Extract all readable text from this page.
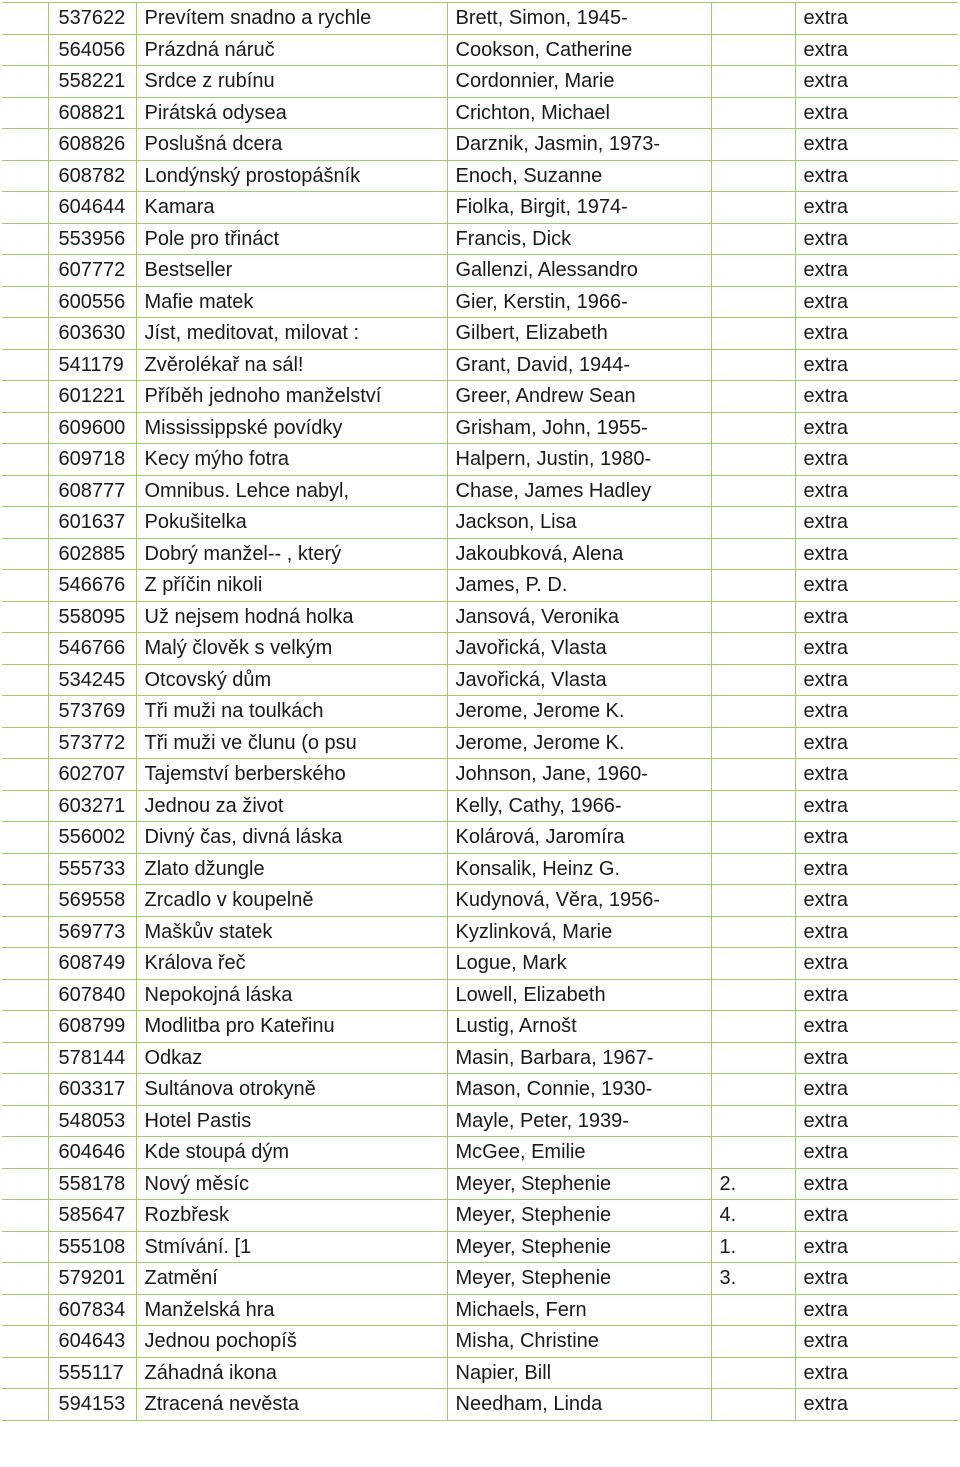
	537622	Prevítem snadno a rychle	Brett, Simon, 1945-		extra
	564056	Prázdná náruč	Cookson, Catherine		extra
	558221	Srdce z rubínu	Cordonnier, Marie		extra
	608821	Pirátská odysea	Crichton, Michael		extra
	608826	Poslušná dcera	Darznik, Jasmin, 1973-		extra
	608782	Londýnský prostopášník	Enoch, Suzanne		extra
	604644	Kamara	Fiolka, Birgit, 1974-		extra
	553956	Pole pro třináct	Francis, Dick		extra
	607772	Bestseller	Gallenzi, Alessandro		extra
	600556	Mafie matek	Gier, Kerstin, 1966-		extra
	603630	Jíst, meditovat, milovat :	Gilbert, Elizabeth		extra
	541179	Zvěrolékař na sál!	Grant, David, 1944-		extra
	601221	Příběh jednoho manželství	Greer, Andrew Sean		extra
	609600	Mississippské povídky	Grisham, John, 1955-		extra
	609718	Kecy mýho fotra	Halpern, Justin, 1980-		extra
	608777	Omnibus. Lehce nabyl,	Chase, James Hadley		extra
	601637	Pokušitelka	Jackson, Lisa		extra
	602885	Dobrý manžel-- , který	Jakoubková, Alena		extra
	546676	Z příčin nikoli	James, P. D.		extra
	558095	Už nejsem hodná holka	Jansová, Veronika		extra
	546766	Malý člověk s velkým	Javořická, Vlasta		extra
	534245	Otcovský dům	Javořická, Vlasta		extra
	573769	Tři muži na toulkách	Jerome, Jerome K.		extra
	573772	Tři muži ve člunu (o psu	Jerome, Jerome K.		extra
	602707	Tajemství berberského	Johnson, Jane, 1960-		extra
	603271	Jednou za život	Kelly, Cathy, 1966-		extra
	556002	Divný čas, divná láska	Kolárová, Jaromíra		extra
	555733	Zlato džungle	Konsalik, Heinz G.		extra
	569558	Zrcadlo v koupelně	Kudynová, Věra, 1956-		extra
	569773	Maškův statek	Kyzlinková, Marie		extra
	608749	Králova řeč	Logue, Mark		extra
	607840	Nepokojná láska	Lowell, Elizabeth		extra
	608799	Modlitba pro Kateřinu	Lustig, Arnošt		extra
	578144	Odkaz	Masin, Barbara, 1967-		extra
	603317	Sultánova otrokyně	Mason, Connie, 1930-		extra
	548053	Hotel Pastis	Mayle, Peter, 1939-		extra
	604646	Kde stoupá dým	McGee, Emilie		extra
	558178	Nový měsíc	Meyer, Stephenie	2.	extra
	585647	Rozbřesk	Meyer, Stephenie	4.	extra
	555108	Stmívání. [1	Meyer, Stephenie	1.	extra
	579201	Zatmění	Meyer, Stephenie	3.	extra
	607834	Manželská hra	Michaels, Fern		extra
	604643	Jednou pochopíš	Misha, Christine		extra
	555117	Záhadná ikona	Napier, Bill		extra
	594153	Ztracená nevěsta	Needham, Linda		extra
